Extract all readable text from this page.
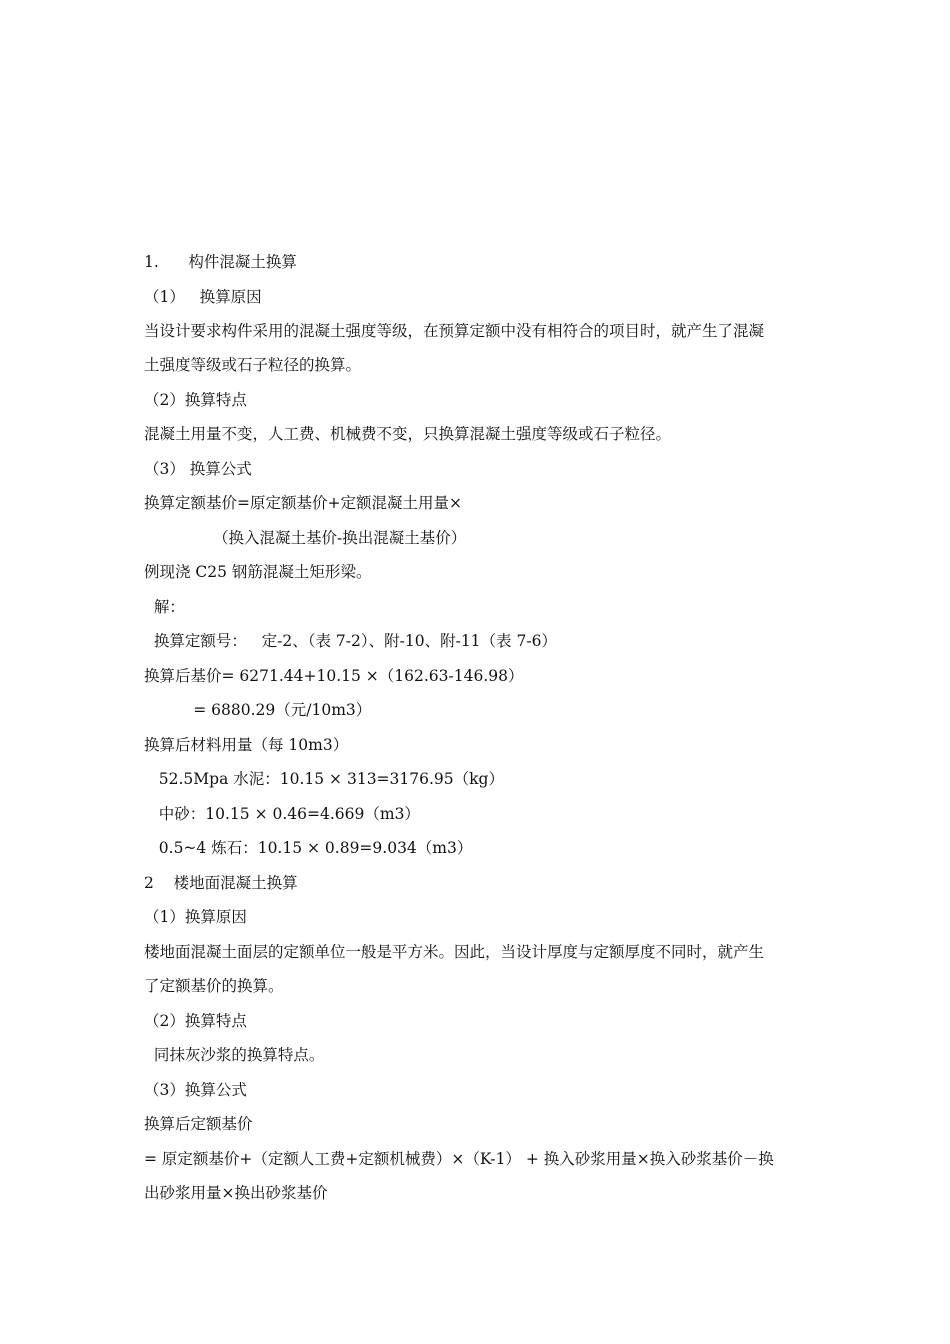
1.      构件混凝土换算
（1）   换算原因
当设计要求构件采用的混凝土强度等级，在预算定额中没有相符合的项目时，就产生了混凝
土强度等级或石子粒径的换算。
（2）换算特点
混凝土用量不变，人工费、机械费不变，只换算混凝土强度等级或石子粒径。
（3） 换算公式
换算定额基价=原定额基价+定额混凝土用量×
（换入混凝土基价-换出混凝土基价）
例现浇 C25 钢筋混凝土矩形梁。
解：
换算定额号：   定-2、（表 7-2）、附-10、附-11（表 7-6）
换算后基价= 6271.44+10.15 ×（162.63-146.98）
= 6880.29（元/10m3）
换算后材料用量（每 10m3）
52.5Mpa 水泥：10.15 × 313=3176.95（kg）
中砂：10.15 × 0.46=4.669（m3）
0.5~4 炼石：10.15 × 0.89=9.034（m3）
2    楼地面混凝土换算
（1）换算原因
楼地面混凝土面层的定额单位一般是平方米。因此，当设计厚度与定额厚度不同时，就产生
了定额基价的换算。
（2）换算特点
同抹灰沙浆的换算特点。
（3）换算公式
换算后定额基价
= 原定额基价+（定额人工费+定额机械费）×（K-1） + 换入砂浆用量×换入砂浆基价－换
出砂浆用量×换出砂浆基价
